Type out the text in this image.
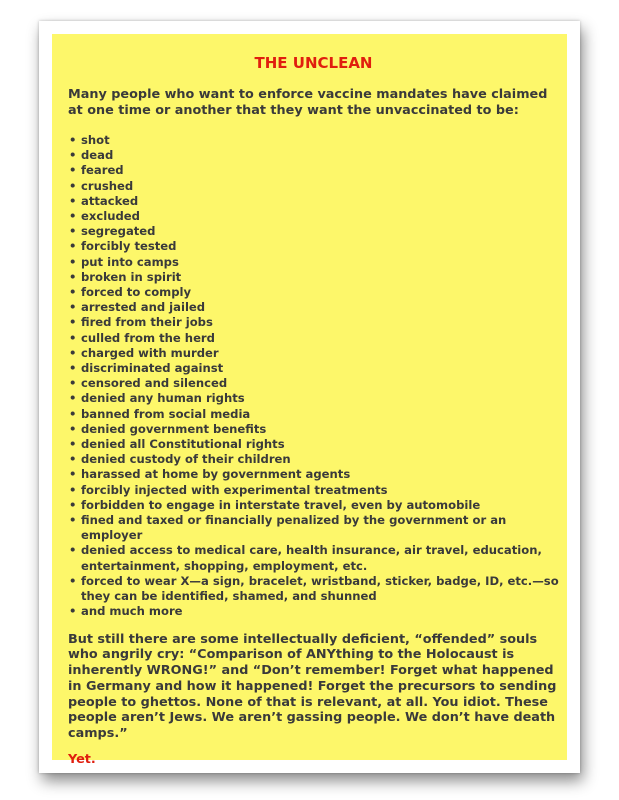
THE UNCLEAN

Many people who want to enforce vaccine mandates have claimed at one time or another that they want the unvaccinated to be:

• shot
• dead
• feared
• crushed
• attacked
• excluded
• segregated
• forcibly tested
• put into camps
• broken in spirit
• forced to comply
• arrested and jailed
• fired from their jobs
• culled from the herd
• charged with murder
• discriminated against
• censored and silenced
• denied any human rights
• banned from social media
• denied government benefits
• denied all Constitutional rights
• denied custody of their children
• harassed at home by government agents
• forcibly injected with experimental treatments
• forbidden to engage in interstate travel, even by automobile
• fined and taxed or financially penalized by the government or an employer
• denied access to medical care, health insurance, air travel, education, entertainment, shopping, employment, etc.
• forced to wear X—a sign, bracelet, wristband, sticker, badge, ID, etc.—so they can be identified, shamed, and shunned
• and much more

But still there are some intellectually deficient, “offended” souls who angrily cry: “Comparison of ANYthing to the Holocaust is inherently WRONG!” and “Don’t remember! Forget what happened in Germany and how it happened! Forget the precursors to sending people to ghettos. None of that is relevant, at all. You idiot. These people aren’t Jews. We aren’t gassing people. We don’t have death camps.”

Yet.
